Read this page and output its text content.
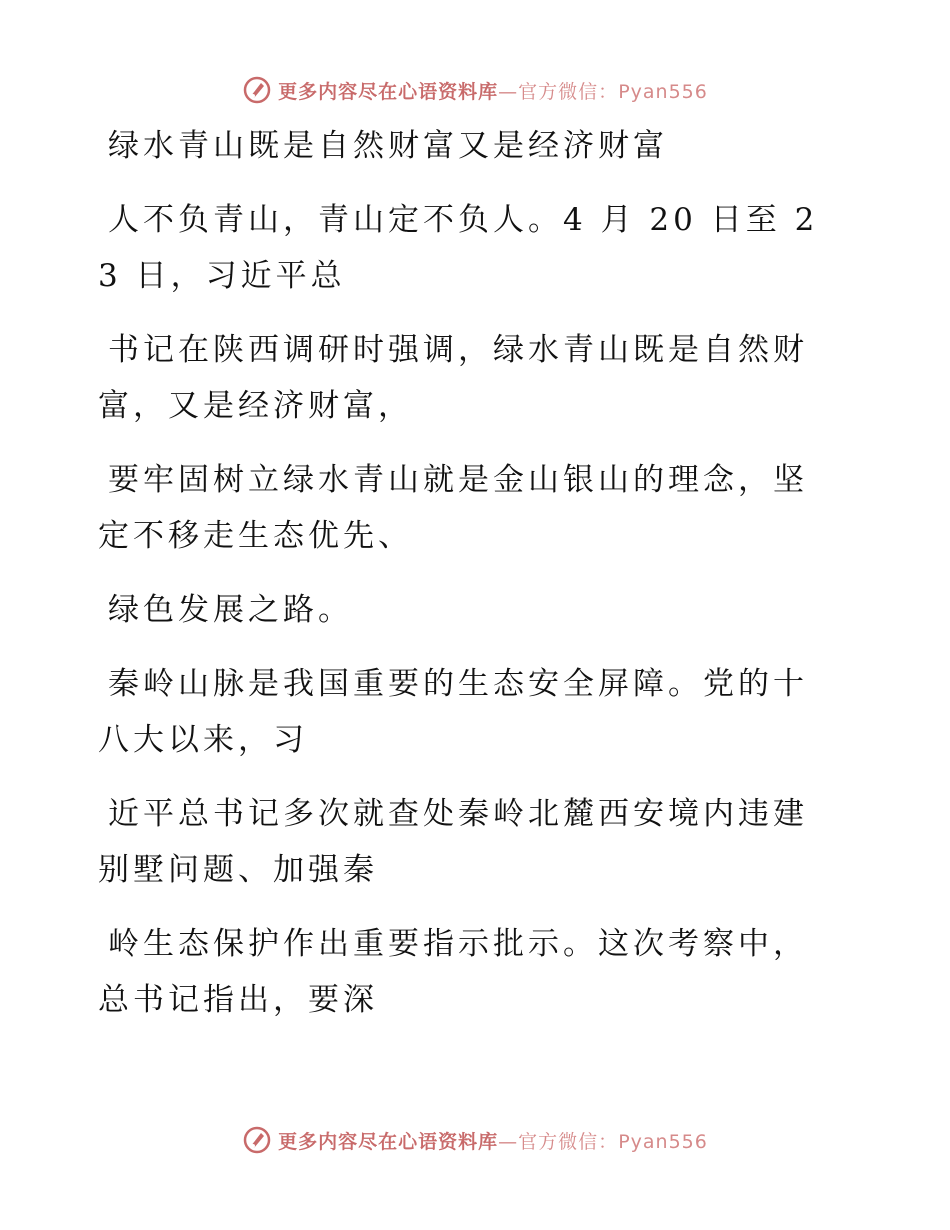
更多内容尽在心语资料库—官方微信：Pyan556

绿水青山既是自然财富又是经济财富

人不负青山，青山定不负人。4 月 20 日至 23 日，习近平总

书记在陕西调研时强调，绿水青山既是自然财富，又是经济财富，

要牢固树立绿水青山就是金山银山的理念，坚定不移走生态优先、

绿色发展之路。

秦岭山脉是我国重要的生态安全屏障。党的十八大以来，习

近平总书记多次就查处秦岭北麓西安境内违建别墅问题、加强秦

岭生态保护作出重要指示批示。这次考察中，总书记指出，要深

更多内容尽在心语资料库—官方微信：Pyan556
